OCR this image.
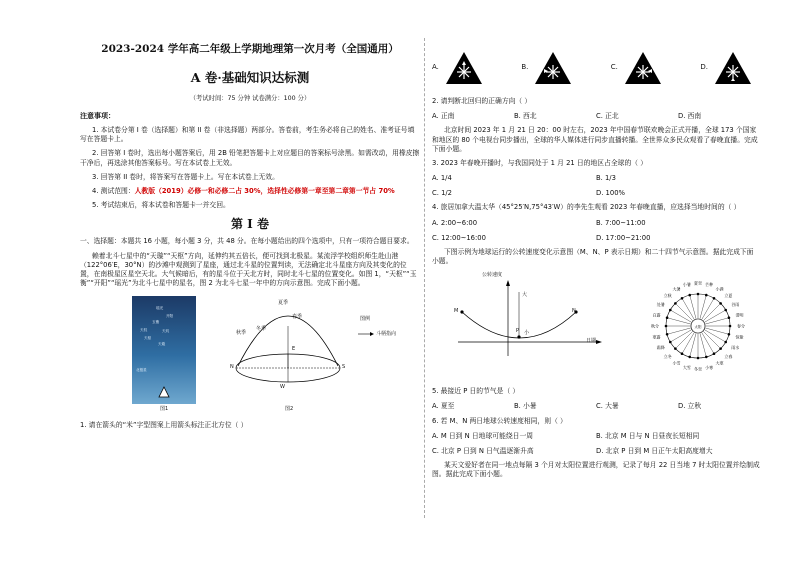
2023-2024 学年高二年级上学期地理第一次月考（全国通用）
A 卷·基础知识达标测
（考试时间：75 分钟 试卷满分：100 分）
注意事项：

1. 本试卷分第 I 卷（选择题）和第 II 卷（非选择题）两部分。答卷前，考生务必将自己的姓名、准考证号填写在答题卡上。

2. 回答第 I 卷时，选出每小题答案后，用 2B 铅笔把答题卡上对应题目的答案标号涂黑。如需改动，用橡皮擦干净后，再选涂其他答案标号。写在本试卷上无效。

3. 回答第 II 卷时，将答案写在答题卡上。写在本试卷上无效。

4. 测试范围：人教版（2019）必修一和必修二占 30%，选择性必修第一章至第二章第一节占 70%

5. 考试结束后，将本试卷和答题卡一并交回。

第 I 卷

一、选择题：本题共 16 小题，每小题 3 分，共 48 分。在每小题给出的四个选项中，只有一项符合题目要求。

赖着北斗七星中的“天璇”“天枢”方向，延伸约其五倍长，便可找到北极星。某流浮学校组织师生赴山港（122°06′E，30°N）的沙滩中观测到了星座，通过北斗星的位置判读，无法确定北斗星座方向及其变化的位置，在南极星区星空天北。大气候暗后，有的星斗位于天北方时，同时北斗七星的位置变化。如图 1，“天枢”“玉衡”“开阳”“瑶光”为北斗七星中的星名，图 2 为北斗七星一年中的方向示意图。完成下面小题。

瑶光
开阳
玉衡
天权	天玑
天枢
天璇
北极星
图1
夏季
春季
秋季
冬季
N	S
E
W
图例
斗柄指向
图2

1. 请在箭头的“米”字型图案上用箭头标注正北方位（ ）

A.	B.	C.	D.

2. 请判断北回归的正确方向（ ）

A. 正南	B. 西北	C. 正北	D. 西南

北京时间 2023 年 1 月 21 日 20：00 时左右，2023 年中国春节联欢晚会正式开播，全球 173 个国家和地区的 80 个电视台同步播出，全球的华人媒体进行同步直播转播。全世界众多民众观看了春晚直播。完成下面小题。

3. 2023 年春晚开播时，与我国同处于 1 月 21 日的地区占全球的（ ）

A. 1/4	B. 1/3
C. 1/2	D. 100%

4. 旅居加拿大温太华（45°25′N,75°43′W）的李先生观看 2023 年春晚直播，应选择当地时间的（ ）

A. 2:00~6:00	B. 7:00~11:00
C. 12:00~16:00	D. 17:00~21:00

下图示例为地球运行的公转速度变化示意图（M、N、P 表示日期）和二十四节气示意图。据此完成下面小题。

公转速度
日期
大
小
M
P
N
太阳	春分
清明
谷雨
立夏
小满
芒种
夏至
小暑
大暑
立秋
处暑
白露
秋分
寒露
霜降
立冬
小雪
大雪 冬至 小寒
大寒
立春
雨水
惊蛰

5. 最接近 P 日的节气是（ ）

A. 夏至	B. 小暑	C. 大暑	D. 立秋

6. 若 M、N 两日地球公转速度相同，则（ ）

A. M 日到 N 日地球可能绕日一周	B. 北京 M 日与 N 日昼夜长短相同
C. 北京 P 日到 N 日气温逐渐升高	D. 北京 P 日到 M 日正午太阳高度增大

某天文爱好者在同一地点每隔 3 个月对太阳位置进行观测，记录了每月 22 日当地 7 时太阳位置并绘制成图。据此完成下面小题。
